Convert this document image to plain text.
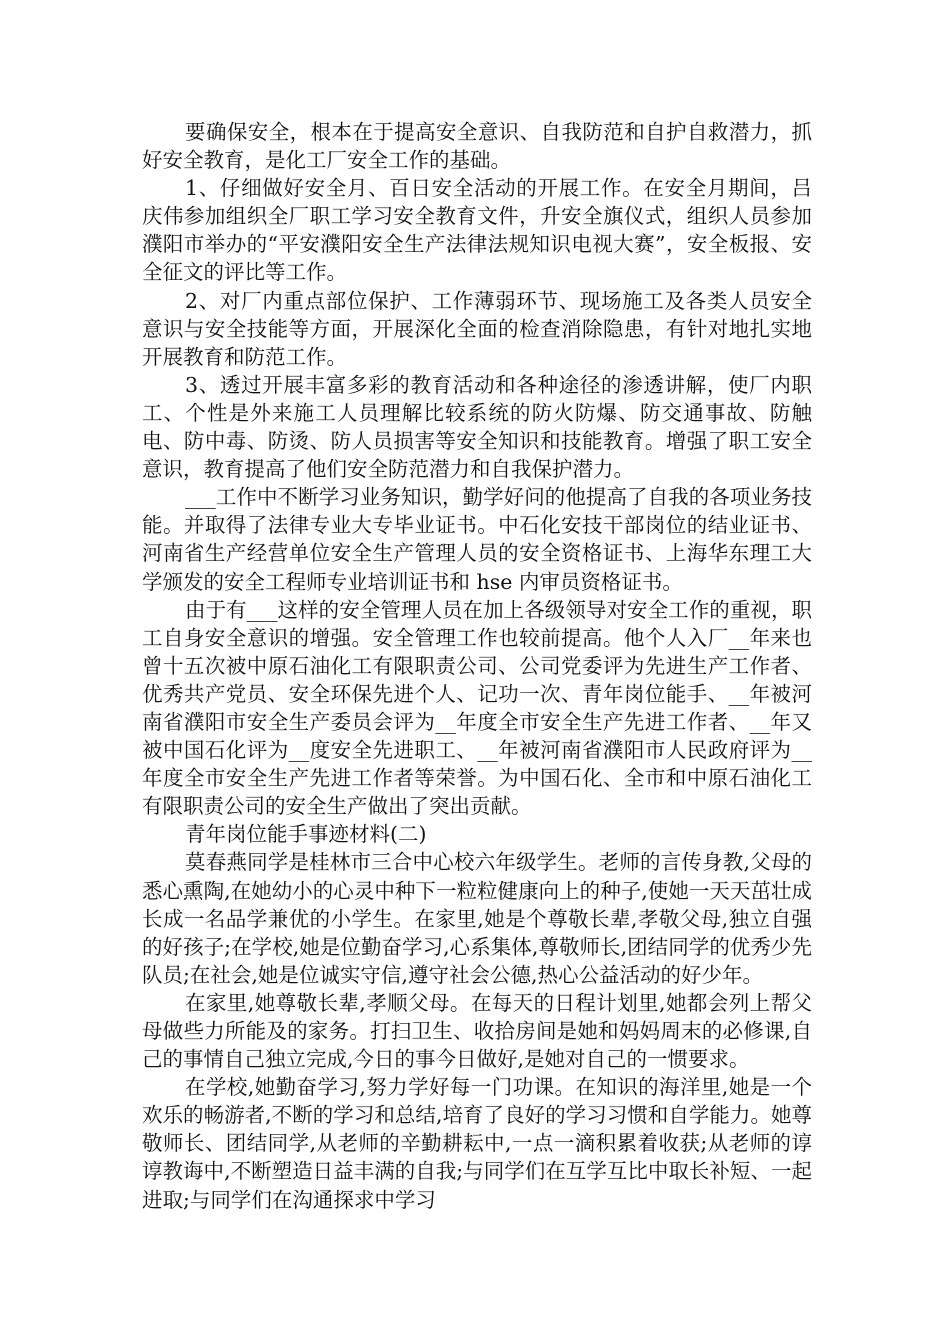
要确保安全，根本在于提高安全意识、自我防范和自护自救潜力，抓好安全教育，是化工厂安全工作的基础。

1、仔细做好安全月、百日安全活动的开展工作。在安全月期间，吕庆伟参加组织全厂职工学习安全教育文件，升安全旗仪式，组织人员参加濮阳市举办的“平安濮阳安全生产法律法规知识电视大赛”，安全板报、安全征文的评比等工作。

2、对厂内重点部位保护、工作薄弱环节、现场施工及各类人员安全意识与安全技能等方面，开展深化全面的检查消除隐患，有针对地扎实地开展教育和防范工作。

3、透过开展丰富多彩的教育活动和各种途径的渗透讲解，使厂内职工、个性是外来施工人员理解比较系统的防火防爆、防交通事故、防触电、防中毒、防烫、防人员损害等安全知识和技能教育。增强了职工安全意识，教育提高了他们安全防范潜力和自我保护潜力。

___工作中不断学习业务知识，勤学好问的他提高了自我的各项业务技能。并取得了法律专业大专毕业证书。中石化安技干部岗位的结业证书、河南省生产经营单位安全生产管理人员的安全资格证书、上海华东理工大学颁发的安全工程师专业培训证书和 hse 内审员资格证书。

由于有___这样的安全管理人员在加上各级领导对安全工作的重视，职工自身安全意识的增强。安全管理工作也较前提高。他个人入厂__年来也曾十五次被中原石油化工有限职责公司、公司党委评为先进生产工作者、优秀共产党员、安全环保先进个人、记功一次、青年岗位能手、__年被河南省濮阳市安全生产委员会评为__年度全市安全生产先进工作者、__年又被中国石化评为__度安全先进职工、__年被河南省濮阳市人民政府评为__年度全市安全生产先进工作者等荣誉。为中国石化、全市和中原石油化工有限职责公司的安全生产做出了突出贡献。

青年岗位能手事迹材料(二)

莫春燕同学是桂林市三合中心校六年级学生。老师的言传身教,父母的悉心熏陶,在她幼小的心灵中种下一粒粒健康向上的种子,使她一天天茁壮成长成一名品学兼优的小学生。在家里,她是个尊敬长辈,孝敬父母,独立自强的好孩子;在学校,她是位勤奋学习,心系集体,尊敬师长,团结同学的优秀少先队员;在社会,她是位诚实守信,遵守社会公德,热心公益活动的好少年。

在家里,她尊敬长辈,孝顺父母。在每天的日程计划里,她都会列上帮父母做些力所能及的家务。打扫卫生、收拾房间是她和妈妈周末的必修课,自己的事情自己独立完成,今日的事今日做好,是她对自己的一惯要求。

在学校,她勤奋学习,努力学好每一门功课。在知识的海洋里,她是一个欢乐的畅游者,不断的学习和总结,培育了良好的学习习惯和自学能力。她尊敬师长、团结同学,从老师的辛勤耕耘中,一点一滴积累着收获;从老师的谆谆教诲中,不断塑造日益丰满的自我;与同学们在互学互比中取长补短、一起进取;与同学们在沟通探求中学习
